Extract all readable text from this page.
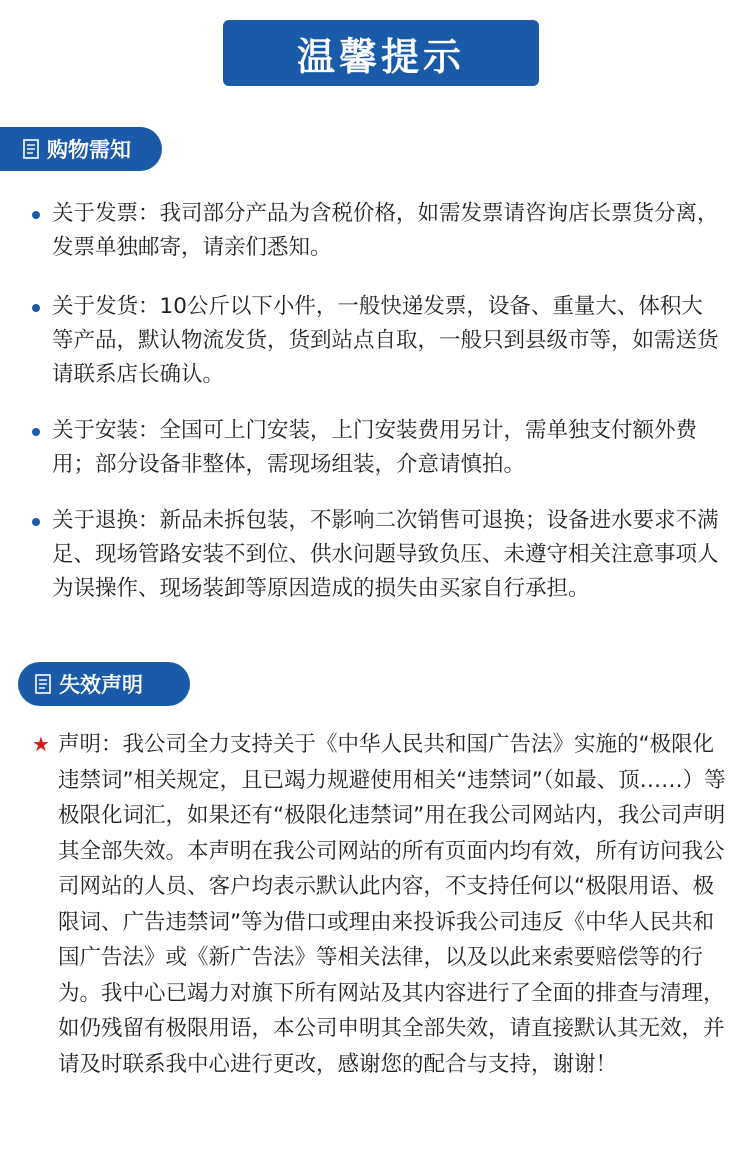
温馨提示
购物需知
关于发票：我司部分产品为含税价格，如需发票请咨询店长票货分离，发票单独邮寄，请亲们悉知。
关于发货：10公斤以下小件，一般快递发票，设备、重量大、体积大等产品，默认物流发货，货到站点自取，一般只到县级市等，如需送货请联系店长确认。
关于安装：全国可上门安装，上门安装费用另计，需单独支付额外费用；部分设备非整体，需现场组装，介意请慎拍。
关于退换：新品未拆包装，不影响二次销售可退换；设备进水要求不满足、现场管路安装不到位、供水问题导致负压、未遵守相关注意事项人为误操作、现场装卸等原因造成的损失由买家自行承担。
失效声明
★ 声明：我公司全力支持关于《中华人民共和国广告法》实施的“极限化违禁词”相关规定，且已竭力规避使用相关“违禁词”（如最、顶……）等极限化词汇，如果还有“极限化违禁词”用在我公司网站内，我公司声明其全部失效。本声明在我公司网站的所有页面内均有效，所有访问我公司网站的人员、客户均表示默认此内容，不支持任何以“极限用语、极限词、广告违禁词”等为借口或理由来投诉我公司违反《中华人民共和国广告法》或《新广告法》等相关法律，以及以此来索要赔偿等的行为。我中心已竭力对旗下所有网站及其内容进行了全面的排查与清理，如仍残留有极限用语，本公司申明其全部失效，请直接默认其无效，并请及时联系我中心进行更改，感谢您的配合与支持，谢谢！
